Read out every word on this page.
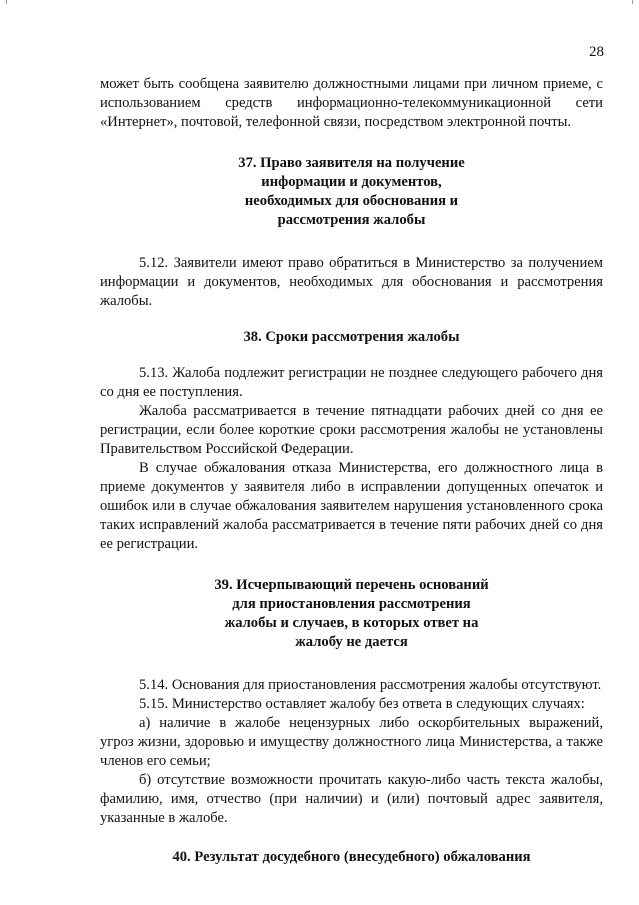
28

может быть сообщена заявителю должностными лицами при личном приеме, с использованием средств информационно-телекоммуникационной сети «Интернет», почтовой, телефонной связи, посредством электронной почты.

37. Право заявителя на получение
информации и документов,
необходимых для обоснования и
рассмотрения жалобы

5.12. Заявители имеют право обратиться в Министерство за получением информации и документов, необходимых для обоснования и рассмотрения жалобы.

38. Сроки рассмотрения жалобы

5.13. Жалоба подлежит регистрации не позднее следующего рабочего дня со дня ее поступления.

Жалоба рассматривается в течение пятнадцати рабочих дней со дня ее регистрации, если более короткие сроки рассмотрения жалобы не установлены Правительством Российской Федерации.

В случае обжалования отказа Министерства, его должностного лица в приеме документов у заявителя либо в исправлении допущенных опечаток и ошибок или в случае обжалования заявителем нарушения установленного срока таких исправлений жалоба рассматривается в течение пяти рабочих дней со дня ее регистрации.

39. Исчерпывающий перечень оснований
для приостановления рассмотрения
жалобы и случаев, в которых ответ на
жалобу не дается

5.14. Основания для приостановления рассмотрения жалобы отсутствуют.

5.15. Министерство оставляет жалобу без ответа в следующих случаях:

а) наличие в жалобе нецензурных либо оскорбительных выражений, угроз жизни, здоровью и имуществу должностного лица Министерства, а также членов его семьи;

б) отсутствие возможности прочитать какую-либо часть текста жалобы, фамилию, имя, отчество (при наличии) и (или) почтовый адрес заявителя, указанные в жалобе.

40. Результат досудебного (внесудебного) обжалования
